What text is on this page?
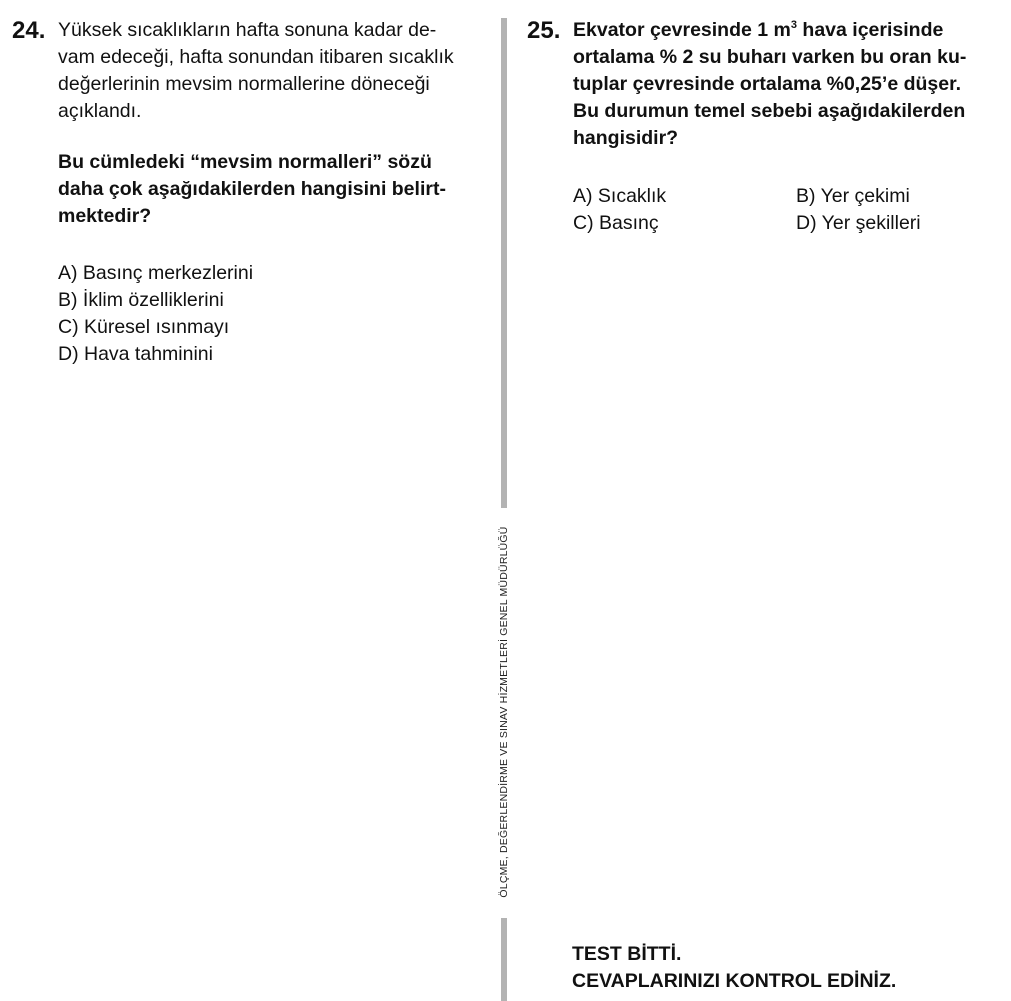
24. Yüksek sıcaklıkların hafta sonuna kadar de-
vam edeceği, hafta sonundan itibaren sıcaklık
değerlerinin mevsim normallerine döneceği
açıklandı.
Bu cümledeki “mevsim normalleri” sözü
daha çok aşağıdakilerden hangisini belirt-
mektedir?
A) Basınç merkezlerini
B) İklim özelliklerini
C) Küresel ısınmayı
D) Hava tahminini
ÖLÇME, DEĞERLENDİRME VE SINAV HİZMETLERİ GENEL MÜDÜRLÜĞÜ
25. Ekvator çevresinde 1 $m^3$ hava içerisinde
ortalama % 2 su buharı varken bu oran ku-
tuplar çevresinde ortalama %0,25’e düşer.
Bu durumun temel sebebi aşağıdakilerden
hangisidir?
A) Sıcaklık	B) Yer çekimi
C) Basınç	D) Yer şekilleri
TEST BİTTİ.
CEVAPLARINIZI KONTROL EDİNİZ.
